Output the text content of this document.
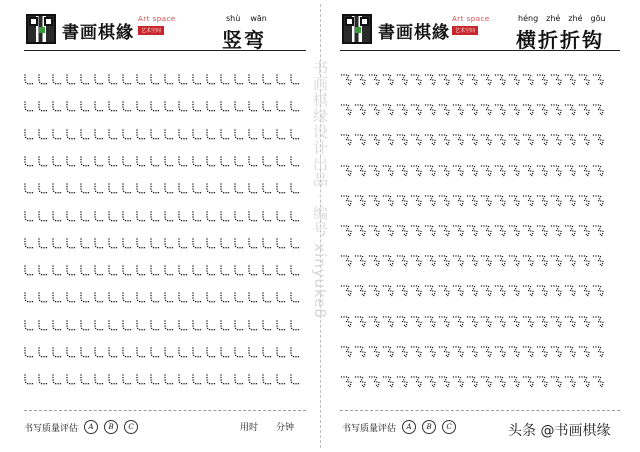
書画棋緣
Art space
艺术空间
shù wān
竖弯
书写质量评估	A	B	C	用时 分钟
书画棋缘设计出品 · 编号 xinyuke8
書画棋緣
Art space
艺术空间
héng zhé zhé gōu
横折折钩
书写质量评估	A	B	C	头条 @书画棋缘
